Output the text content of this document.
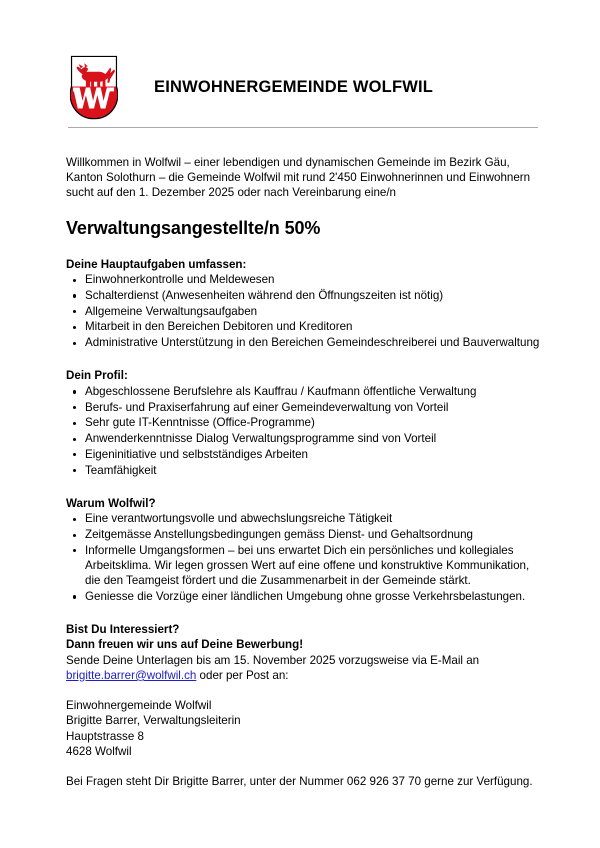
EINWOHNERGEMEINDE WOLFWIL
Willkommen in Wolfwil – einer lebendigen und dynamischen Gemeinde im Bezirk Gäu, Kanton Solothurn – die Gemeinde Wolfwil mit rund 2'450 Einwohnerinnen und Einwohnern sucht auf den 1. Dezember 2025 oder nach Vereinbarung eine/n
Verwaltungsangestellte/n 50%
Deine Hauptaufgaben umfassen:
Einwohnerkontrolle und Meldewesen
Schalterdienst (Anwesenheiten während den Öffnungszeiten ist nötig)
Allgemeine Verwaltungsaufgaben
Mitarbeit in den Bereichen Debitoren und Kreditoren
Administrative Unterstützung in den Bereichen Gemeindeschreiberei und Bauverwaltung
Dein Profil:
Abgeschlossene Berufslehre als Kauffrau / Kaufmann öffentliche Verwaltung
Berufs- und Praxiserfahrung auf einer Gemeindeverwaltung von Vorteil
Sehr gute IT-Kenntnisse (Office-Programme)
Anwenderkenntnisse Dialog Verwaltungsprogramme sind von Vorteil
Eigeninitiative und selbstständiges Arbeiten
Teamfähigkeit
Warum Wolfwil?
Eine verantwortungsvolle und abwechslungsreiche Tätigkeit
Zeitgemässe Anstellungsbedingungen gemäss Dienst- und Gehaltsordnung
Informelle Umgangsformen – bei uns erwartet Dich ein persönliches und kollegiales Arbeitsklima. Wir legen grossen Wert auf eine offene und konstruktive Kommunikation, die den Teamgeist fördert und die Zusammenarbeit in der Gemeinde stärkt.
Geniesse die Vorzüge einer ländlichen Umgebung ohne grosse Verkehrsbelastungen.
Bist Du Interessiert?
Dann freuen wir uns auf Deine Bewerbung!
Sende Deine Unterlagen bis am 15. November 2025 vorzugsweise via E-Mail an
brigitte.barrer@wolfwil.ch oder per Post an:
Einwohnergemeinde Wolfwil
Brigitte Barrer, Verwaltungsleiterin
Hauptstrasse 8
4628 Wolfwil
Bei Fragen steht Dir Brigitte Barrer, unter der Nummer 062 926 37 70 gerne zur Verfügung.
